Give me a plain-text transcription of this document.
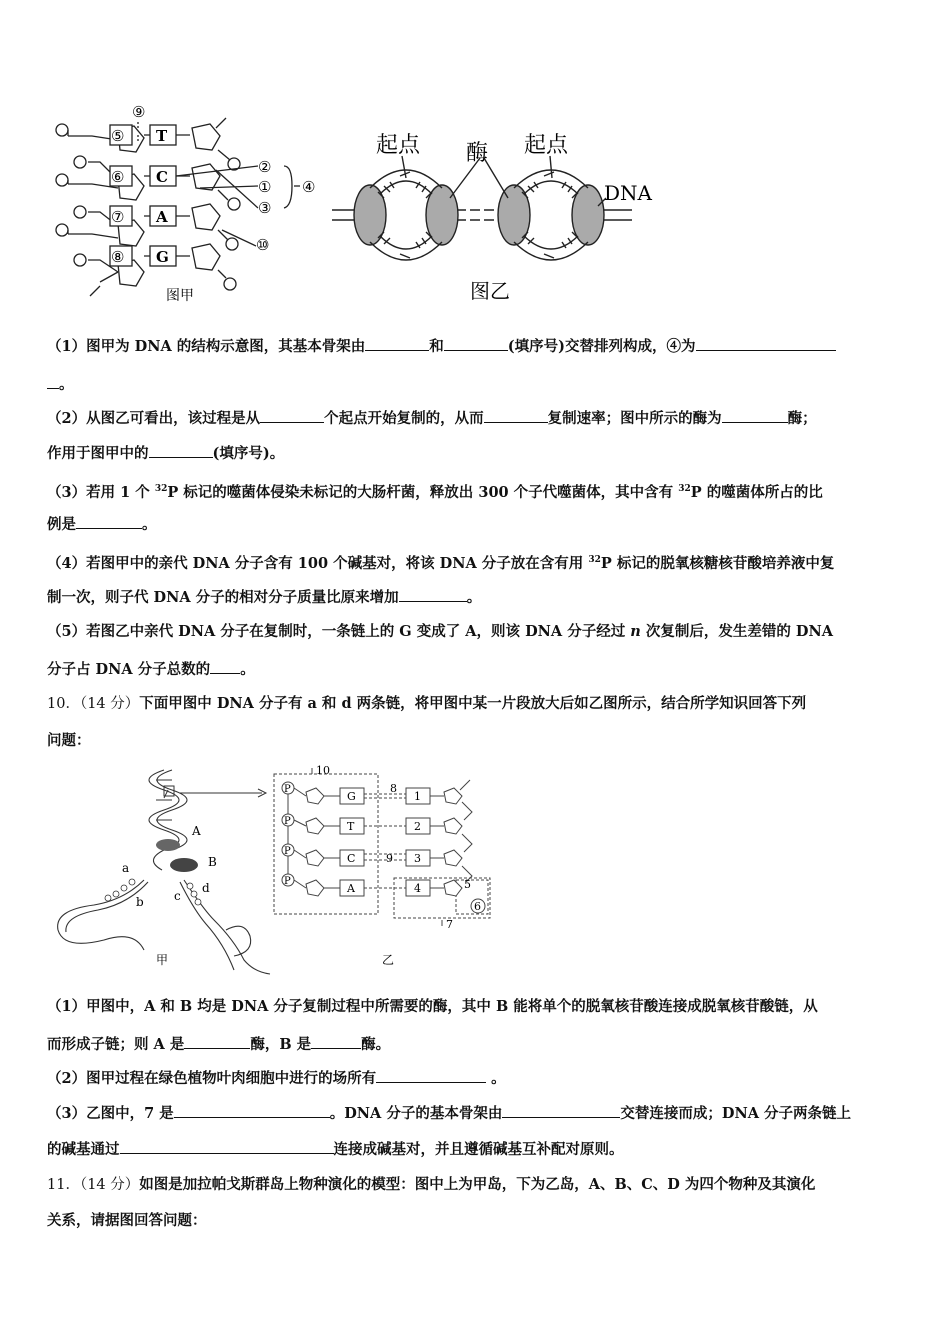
⑤
⑥
⑦
⑧
T
C
A
G
⑨
②
①
③
④
⑩
图甲
起点 酶 起点
DNA
图乙
（1）图甲为 DNA 的结构示意图，其基本骨架由	和	(填序号)交替排列构成，④为
。
（2）从图乙可看出，该过程是从	个起点开始复制的，从而	复制速率；图中所示的酶为	酶；
作用于图甲中的	(填序号)。
（3）若用 1 个 $^{32}$P 标记的噬菌体侵染未标记的大肠杆菌，释放出 300 个子代噬菌体，其中含有 $^{32}$P 的噬菌体所占的比
例是	。
（4）若图甲中的亲代 DNA 分子含有 100 个碱基对，将该 DNA 分子放在含有用 $^{32}$P 标记的脱氧核糖核苷酸培养液中复
制一次，则子代 DNA 分子的相对分子质量比原来增加	。
（5）若图乙中亲代 DNA 分子在复制时，一条链上的 G 变成了 A，则该 DNA 分子经过 n 次复制后，发生差错的 DNA
分子占 DNA 分子总数的 。
10．（14 分）下面甲图中 DNA 分子有 a 和 d 两条链，将甲图中某一片段放大后如乙图所示，结合所学知识回答下列
问题：
A
B
a
b	c
d
甲
10
8
9
7
P
P
P
P
G
T
C
A
1
2
3
4	5
6
乙
（1）甲图中，A 和 B 均是 DNA 分子复制过程中所需要的酶，其中 B 能将单个的脱氧核苷酸连接成脱氧核苷酸链，从
而形成子链；则 A 是	酶，B 是	酶。
（2）图甲过程在绿色植物叶肉细胞中进行的场所有	。
（3）乙图中，7 是	。DNA 分子的基本骨架由	交替连接而成；DNA 分子两条链上
的碱基通过	连接成碱基对，并且遵循碱基互补配对原则。
11．（14 分）如图是加拉帕戈斯群岛上物种演化的模型：图中上为甲岛，下为乙岛，A、B、C、D 为四个物种及其演化
关系，请据图回答问题：
